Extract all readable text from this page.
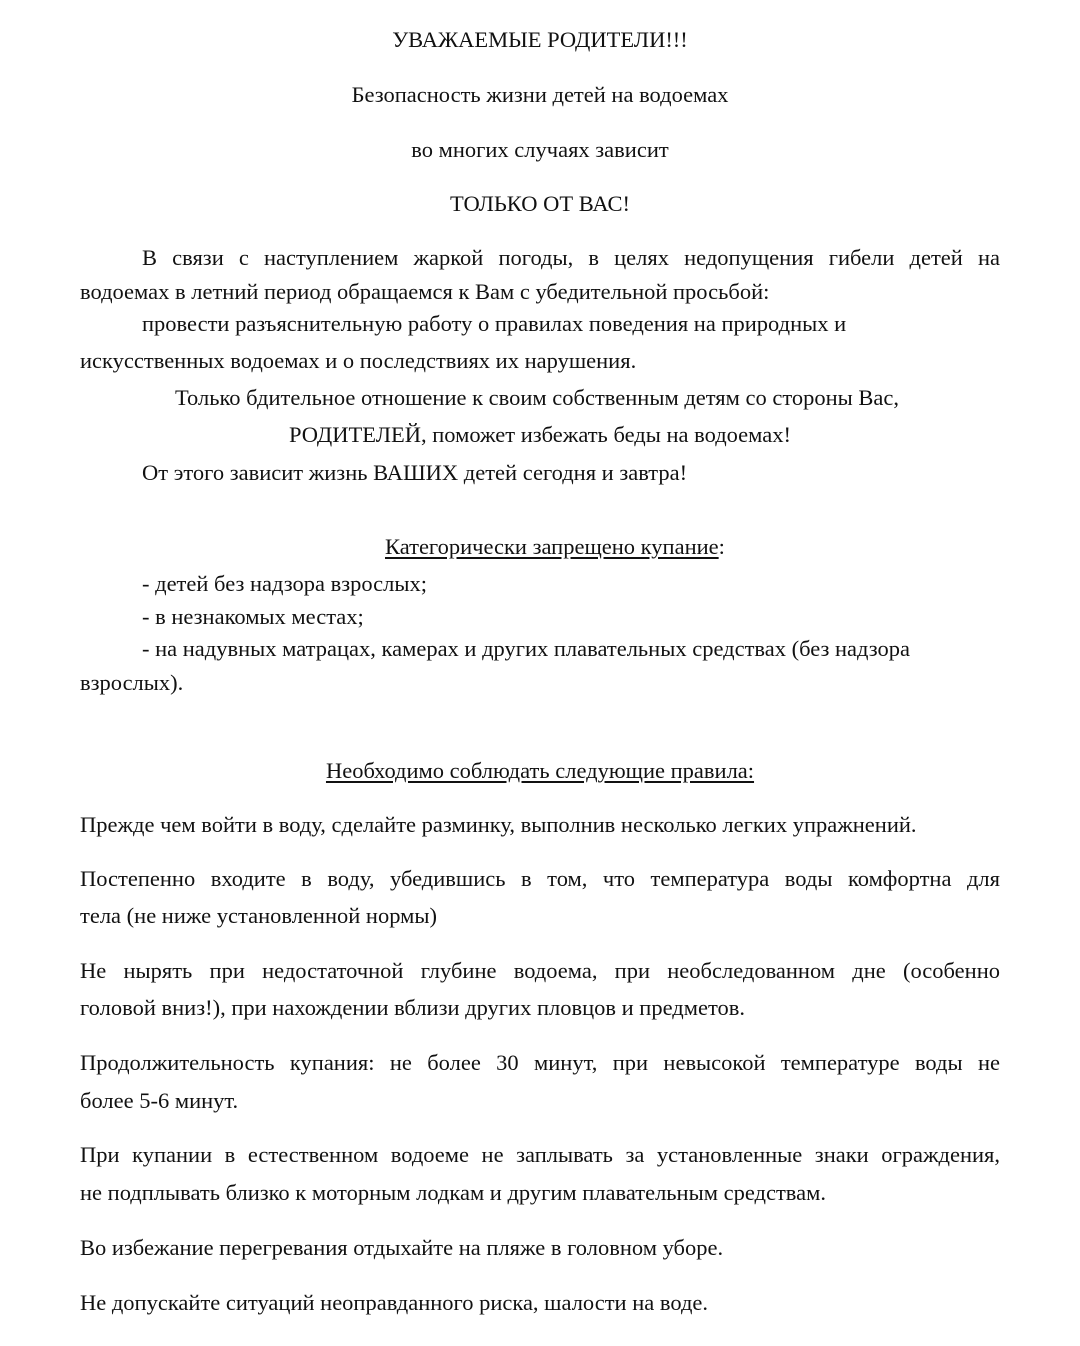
УВАЖАЕМЫЕ РОДИТЕЛИ!!!
Безопасность жизни детей на водоемах
во многих случаях зависит
ТОЛЬКО ОТ ВАС!
В связи с наступлением жаркой погоды, в целях недопущения гибели детей на
водоемах в летний период обращаемся к Вам с убедительной просьбой:
провести разъяснительную работу о правилах поведения на природных и
искусственных водоемах и о последствиях их нарушения.
Только бдительное отношение к своим собственным детям со стороны Вас,
РОДИТЕЛЕЙ, поможет избежать беды на водоемах!
От этого зависит жизнь ВАШИХ детей сегодня и завтра!
Категорически запрещено купание:
- детей без надзора взрослых;
- в незнакомых местах;
- на надувных матрацах, камерах и других плавательных средствах (без надзора
взрослых).
Необходимо соблюдать следующие правила:
Прежде чем войти в воду, сделайте разминку, выполнив несколько легких упражнений.
Постепенно входите в воду, убедившись в том, что температура воды комфортна для
тела (не ниже установленной нормы)
Не нырять при недостаточной глубине водоема, при необследованном дне (особенно
головой вниз!), при нахождении вблизи других пловцов и предметов.
Продолжительность купания: не более 30 минут, при невысокой температуре воды не
более 5-6 минут.
При купании в естественном водоеме не заплывать за установленные знаки ограждения,
не подплывать близко к моторным лодкам и другим плавательным средствам.
Во избежание перегревания отдыхайте на пляже в головном уборе.
Не допускайте ситуаций неоправданного риска, шалости на воде.
